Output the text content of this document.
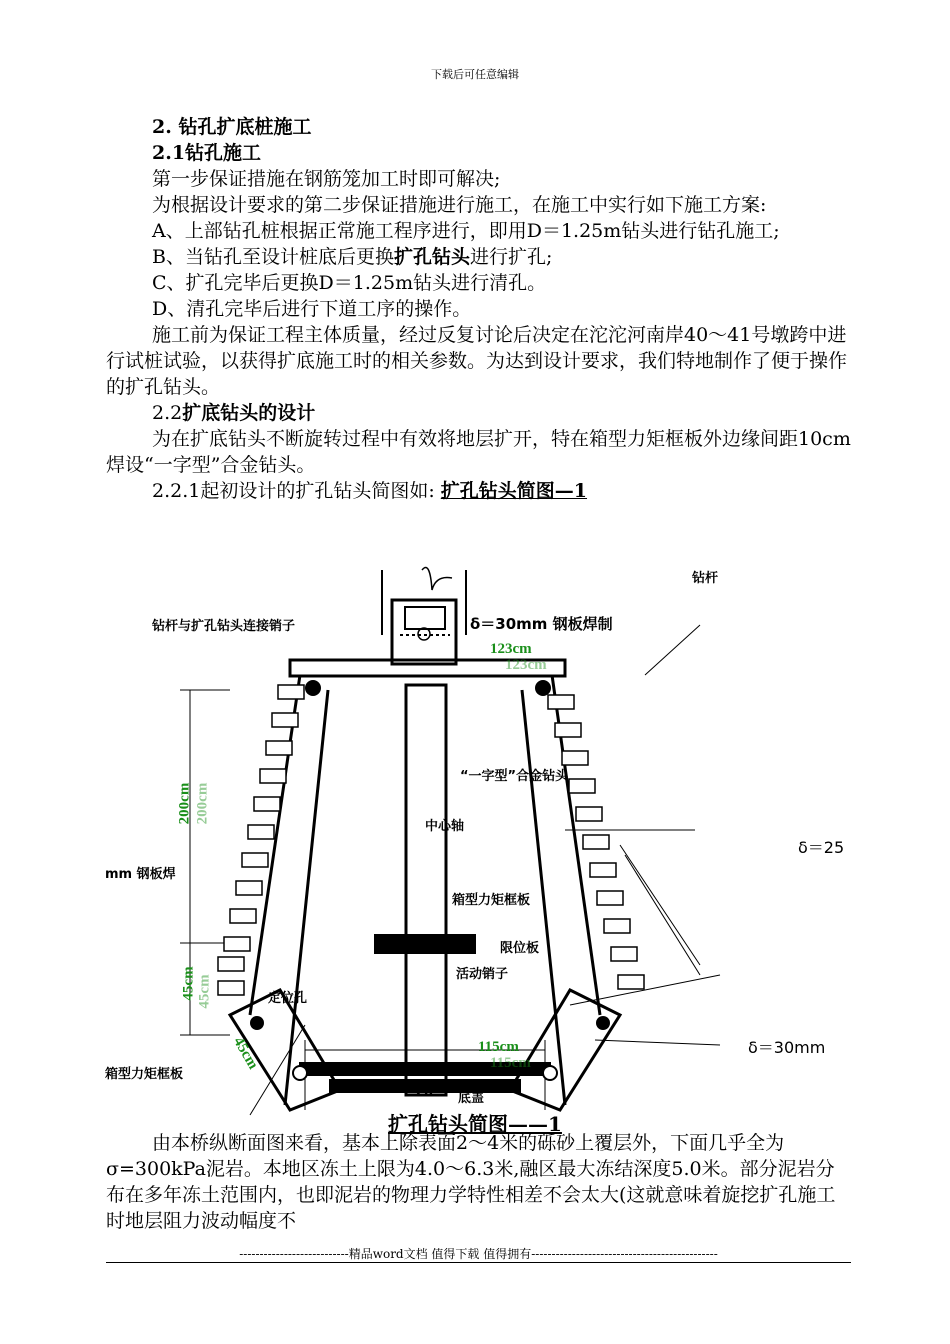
下载后可任意编辑

2. 钻孔扩底桩施工

2.1钻孔施工

第一步保证措施在钢筋笼加工时即可解决;

为根据设计要求的第二步保证措施进行施工，在施工中实行如下施工方案:

A、上部钻孔桩根据正常施工程序进行，即用D＝1.25m钻头进行钻孔施工;

B、当钻孔至设计桩底后更换扩孔钻头进行扩孔;

C、扩孔完毕后更换D＝1.25m钻头进行清孔。

D、清孔完毕后进行下道工序的操作。

施工前为保证工程主体质量，经过反复讨论后决定在沱沱河南岸40～41号墩跨中进行试桩试验，以获得扩底施工时的相关参数。为达到设计要求，我们特地制作了便于操作的扩孔钻头。

2.2扩底钻头的设计

为在扩底钻头不断旋转过程中有效将地层扩开，特在箱型力矩框板外边缘间距10cm焊设“一字型”合金钻头。

2.2.1起初设计的扩孔钻头简图如: 扩孔钻头简图—1

钻杆
钻杆与扩孔钻头连接销子	δ＝30mm 钢板焊制
123cm
123cm
“一字型”合金钻头
中心轴
δ＝25
mm 钢板焊
箱型力矩框板
限位板
活动销子
定位孔
δ＝30mm
箱型力矩框板
115cm
115cm
200cm 200cm
45cm 45cm
45cm
20 底盖
扩孔钻头简图——1

由本桥纵断面图来看，基本上除表面2～4米的砾砂上覆层外，下面几乎全为σ=300kPa泥岩。本地区冻土上限为4.0～6.3米,融区最大冻结深度5.0米。部分泥岩分布在多年冻土范围内，也即泥岩的物理力学特性相差不会太大(这就意味着旋挖扩孔施工时地层阻力波动幅度不

---------------------------精品word文档 值得下载 值得拥有----------------------------------------------
